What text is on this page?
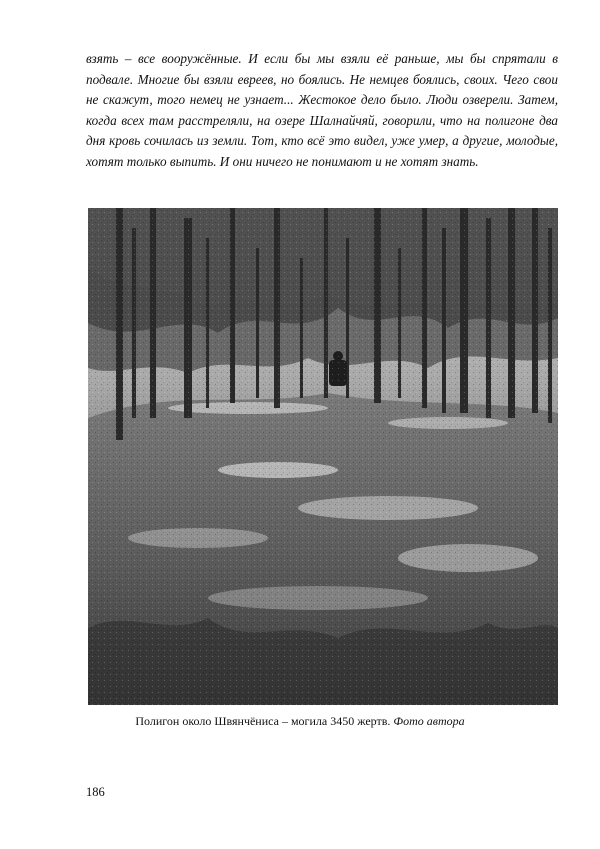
взять – все вооружённые. И если бы мы взяли её раньше, мы бы спрятали в подвале. Многие бы взяли евреев, но боялись. Не немцев боялись, своих. Чего свои не скажут, того немец не узнает... Жестокое дело было. Люди озверели. Затем, когда всех там расстреляли, на озере Шалнайчяй, говорили, что на полигоне два дня кровь сочилась из земли. Тот, кто всё это видел, уже умер, а другие, молодые, хотят только выпить. И они ничего не понимают и не хотят знать.

Полигон около Швянчёниса – могила 3450 жертв. Фото автора
186
